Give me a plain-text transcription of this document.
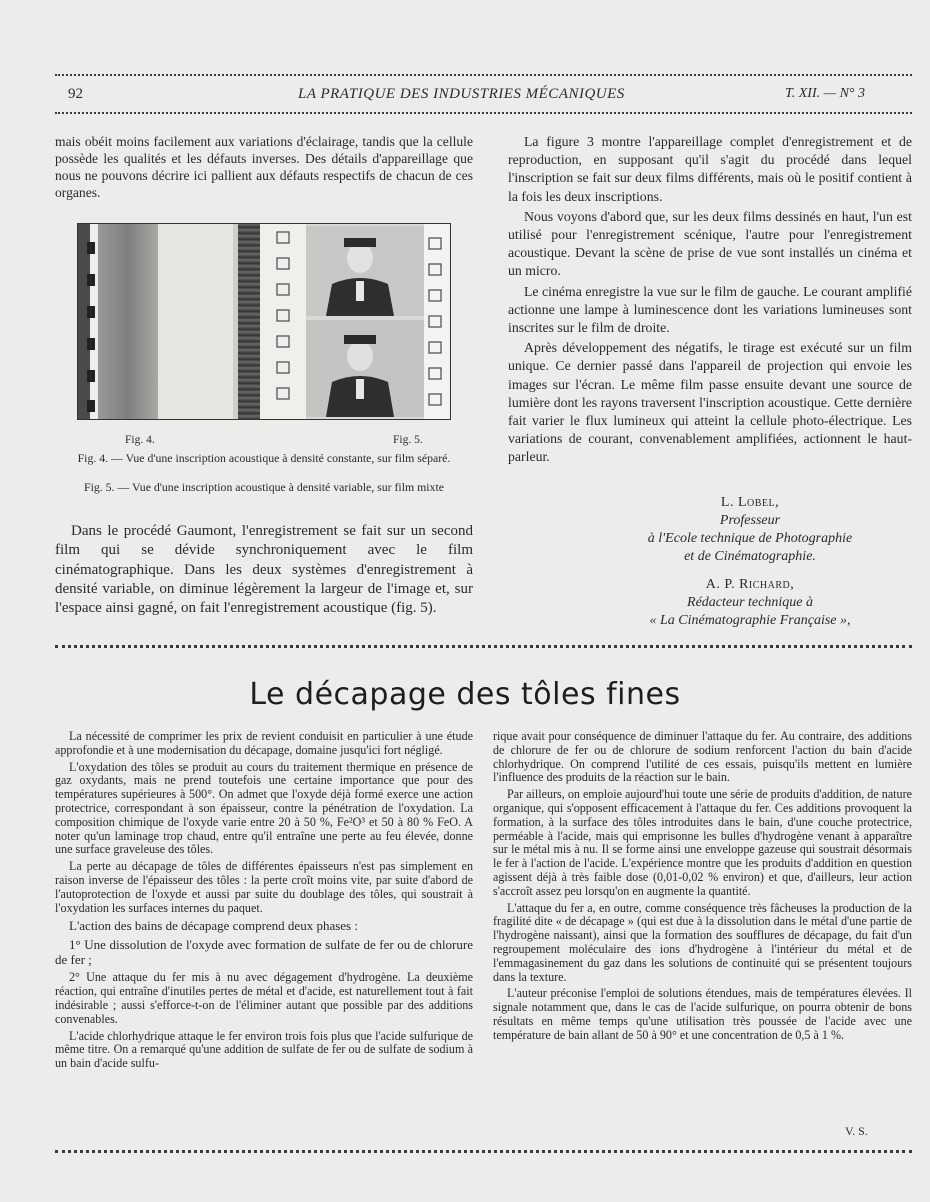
92	LA PRATIQUE DES INDUSTRIES MÉCANIQUES	T. XII. — N° 3

mais obéit moins facilement aux variations d'éclairage, tandis que la cellule possède les qualités et les défauts inverses. Des détails d'appareillage que nous ne pouvons décrire ici pallient aux défauts respectifs de chacun de ces organes.

Fig. 4.	Fig. 5.
Fig. 4. — Vue d'une inscription acoustique à densité constante, sur film séparé.
Fig. 5. — Vue d'une inscription acoustique à densité variable, sur film mixte

Dans le procédé Gaumont, l'enregistrement se fait sur un second film qui se dévide synchroniquement avec le film cinématographique. Dans les deux systèmes d'enregistrement à densité variable, on diminue légèrement la largeur de l'image et, sur l'espace ainsi gagné, on fait l'enregistrement acoustique (fig. 5).

La figure 3 montre l'appareillage complet d'enregistrement et de reproduction, en supposant qu'il s'agit du procédé dans lequel l'inscription se fait sur deux films différents, mais où le positif contient à la fois les deux inscriptions.

Nous voyons d'abord que, sur les deux films dessinés en haut, l'un est utilisé pour l'enregistrement scénique, l'autre pour l'enregistrement acoustique. Devant la scène de prise de vue sont installés un cinéma et un micro.

Le cinéma enregistre la vue sur le film de gauche. Le courant amplifié actionne une lampe à luminescence dont les variations lumineuses sont inscrites sur le film de droite.

Après développement des négatifs, le tirage est exécuté sur un film unique. Ce dernier passé dans l'appareil de projection qui envoie les images sur l'écran. Le même film passe ensuite devant une source de lumière dont les rayons traversent l'inscription acoustique. Cette dernière fait varier le flux lumineux qui atteint la cellule photo-électrique. Les variations de courant, convenablement amplifiées, actionnent le haut-parleur.

L. Lobel,
Professeur
à l'Ecole technique de Photographie
et de Cinématographie.
A. P. Richard,
Rédacteur technique à
« La Cinématographie Française »,
Le décapage des tôles fines

La nécessité de comprimer les prix de revient conduisit en particulier à une étude approfondie et à une modernisation du décapage, domaine jusqu'ici fort négligé.

L'oxydation des tôles se produit au cours du traitement thermique en présence de gaz oxydants, mais ne prend toutefois une certaine importance que pour des températures supérieures à 500°. On admet que l'oxyde déjà formé exerce une action protectrice, correspondant à son épaisseur, contre la pénétration de l'oxydation. La composition chimique de l'oxyde varie entre 20 à 50 %, Fe²O³ et 50 à 80 % FeO. A noter qu'un laminage trop chaud, entre qu'il entraîne une perte au feu élevée, donne une surface graveleuse des tôles.

La perte au décapage de tôles de différentes épaisseurs n'est pas simplement en raison inverse de l'épaisseur des tôles : la perte croît moins vite, par suite d'abord de l'autoprotection de l'oxyde et aussi par suite du doublage des tôles, qui soustrait à l'oxydation les surfaces internes du paquet.

L'action des bains de décapage comprend deux phases :

1° Une dissolution de l'oxyde avec formation de sulfate de fer ou de chlorure de fer ;

2° Une attaque du fer mis à nu avec dégagement d'hydrogène. La deuxième réaction, qui entraîne d'inutiles pertes de métal et d'acide, est naturellement tout à fait indésirable ; aussi s'efforce-t-on de l'éliminer autant que possible par des additions convenables.

L'acide chlorhydrique attaque le fer environ trois fois plus que l'acide sulfurique de même titre. On a remarqué qu'une addition de sulfate de fer ou de sulfate de sodium à un bain d'acide sulfu-

rique avait pour conséquence de diminuer l'attaque du fer. Au contraire, des additions de chlorure de fer ou de chlorure de sodium renforcent l'action du bain d'acide chlorhydrique. On comprend l'utilité de ces essais, puisqu'ils mettent en lumière l'influence des produits de la réaction sur le bain.

Par ailleurs, on emploie aujourd'hui toute une série de produits d'addition, de nature organique, qui s'opposent efficacement à l'attaque du fer. Ces additions provoquent la formation, à la surface des tôles introduites dans le bain, d'une couche protectrice, perméable à l'acide, mais qui emprisonne les bulles d'hydrogène venant à apparaître sur le métal mis à nu. Il se forme ainsi une enveloppe gazeuse qui soustrait désormais le fer à l'action de l'acide. L'expérience montre que les produits d'addition en question agissent déjà à très faible dose (0,01-0,02 % environ) et que, d'ailleurs, leur action s'accroît assez peu lorsqu'on en augmente la quantité.

L'attaque du fer a, en outre, comme conséquence très fâcheuses la production de la fragilité dite « de décapage » (qui est due à la dissolution dans le métal d'une partie de l'hydrogène naissant), ainsi que la formation des soufflures de décapage, du fait d'un regroupement moléculaire des ions d'hydrogène à l'intérieur du métal et de l'emmagasinement du gaz dans les solutions de continuité qui se présentent toujours dans la texture.

L'auteur préconise l'emploi de solutions étendues, mais de températures élevées. Il signale notamment que, dans le cas de l'acide sulfurique, on pourra obtenir de bons résultats en même temps qu'une utilisation très poussée de l'acide avec une température de bain allant de 50 à 90° et une concentration de 0,5 à 1 %.

V. S.
